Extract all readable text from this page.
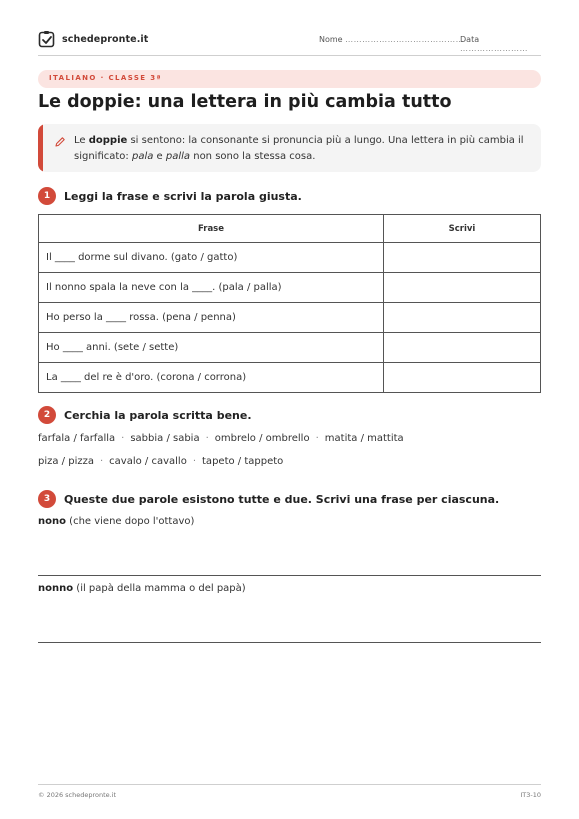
schedepronte.it	Nome ……………………………………
Data ……………………
ITALIANO · CLASSE 3ª
Le doppie: una lettera in più cambia tutto

Le doppie si sentono: la consonante si pronuncia più a lungo. Una lettera in più cambia il significato: pala e palla non sono la stessa cosa.

1	Leggi la frase e scrivi la parola giusta.
Frase	Scrivi
Il ____ dorme sul divano. (gato / gatto)	
Il nonno spala la neve con la ____. (pala / palla)	
Ho perso la ____ rossa. (pena / penna)	
Ho ____ anni. (sete / sette)	
La ____ del re è d'oro. (corona / corrona)	
2	Cerchia la parola scritta bene.
farfala / farfalla · sabbia / sabia · ombrelo / ombrello · matita / mattita
piza / pizza · cavalo / cavallo · tapeto / tappeto
3	Queste due parole esistono tutte e due. Scrivi una frase per ciascuna.
nono (che viene dopo l'ottavo)
nonno (il papà della mamma o del papà)
© 2026 schedepronte.it	IT3-10
